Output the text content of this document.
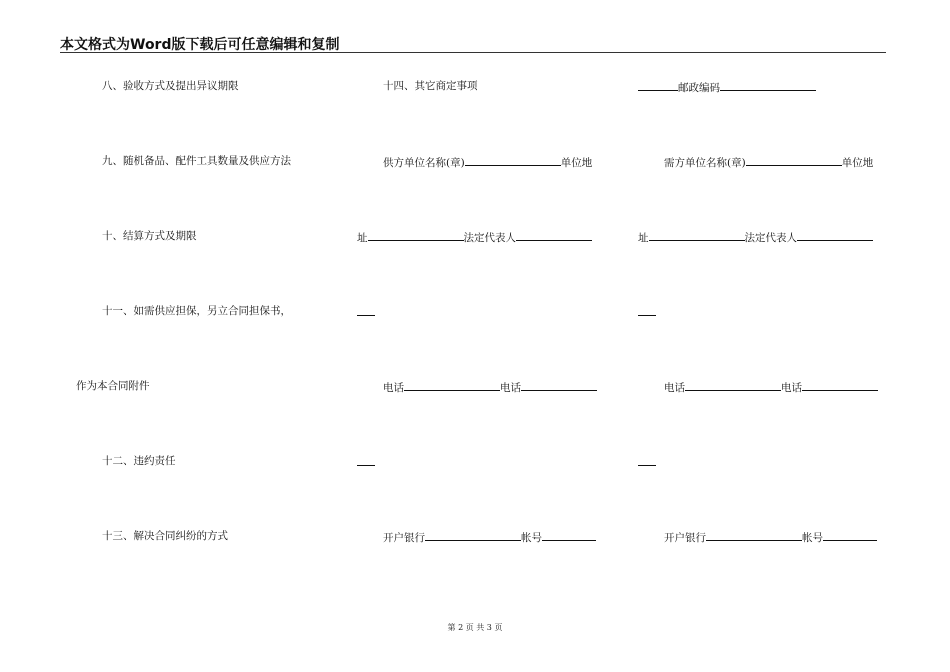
本文格式为Word版下载后可任意编辑和复制
八、验收方式及提出异议期限
九、随机备品、配件工具数量及供应方法
十、结算方式及期限
十一、如需供应担保，另立合同担保书，
作为本合同附件
十二、违约责任
十三、解决合同纠纷的方式
十四、其它商定事项
供方单位名称(章)	单位地
址	法定代表人
电话	电话
开户银行	帐号
邮政编码
需方单位名称(章)	单位地
址	法定代表人
电话	电话
开户银行	帐号
第 2 页 共 3 页
